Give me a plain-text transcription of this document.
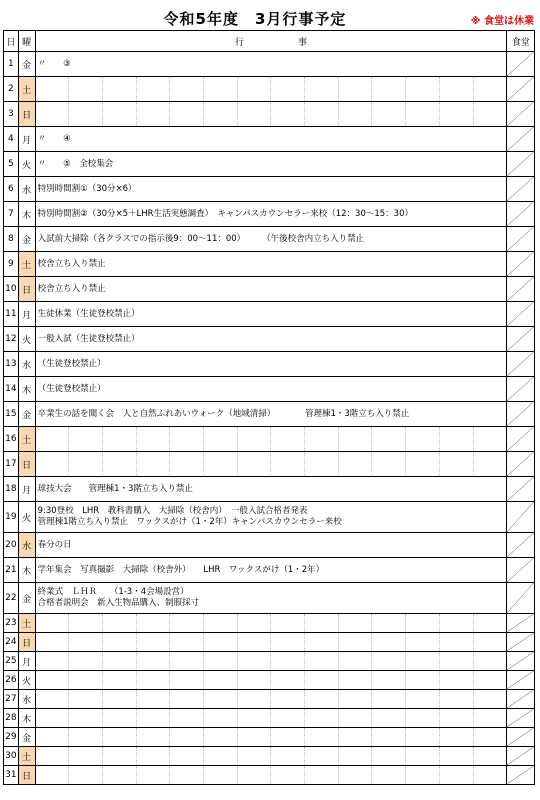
令和5年度　3月行事予定	※ 食堂は休業
日	曜	行　　　　　　事														食堂
1	金	〃　　③

2	土															

3	日															

4	月	〃　　④

5	火	〃　　⑤　全校集会

6	水	特別時間割①（30分×6）

7	木	特別時間割②（30分×5＋LHR生活実態調査）　キャンパスカウンセラー来校（12：30～15：30）

8	金	入試前大掃除（各クラスでの指示後9：00～11：00）　　　（午後校舎内立ち入り禁止

9	土	校舎立ち入り禁止

10	日	校舎立ち入り禁止

11	月	生徒休業（生徒登校禁止）

12	火	一般入試（生徒登校禁止）

13	水	（生徒登校禁止）

14	木	（生徒登校禁止）

15	金	卒業生の話を聞く会　人と自然ふれあいウォーク（地域清掃）　　　　管理棟1・3階立ち入り禁止

16	土															

17	日															

18	月	球技大会　　管理棟1・3階立ち入り禁止

19	火	9:30登校　LHR　教科書購入　大掃除（校舎内）　一般入試合格者発表
管理棟1階立ち入り禁止　ワックスがけ（1・2年）キャンパスカウンセラー来校

20	水	春分の日

21	木	学年集会　写真撮影　大掃除（校舎外）　　LHR　ワックスがけ（1・2年）

22	金	終業式　ＬＨＲ　　（1-3・4会場設営）
合格者説明会　新入生物品購入、制服採寸

23	土															

24	日															

25	月															

26	火															

27	水															

28	木															

29	金															

30	土															

31	日															
